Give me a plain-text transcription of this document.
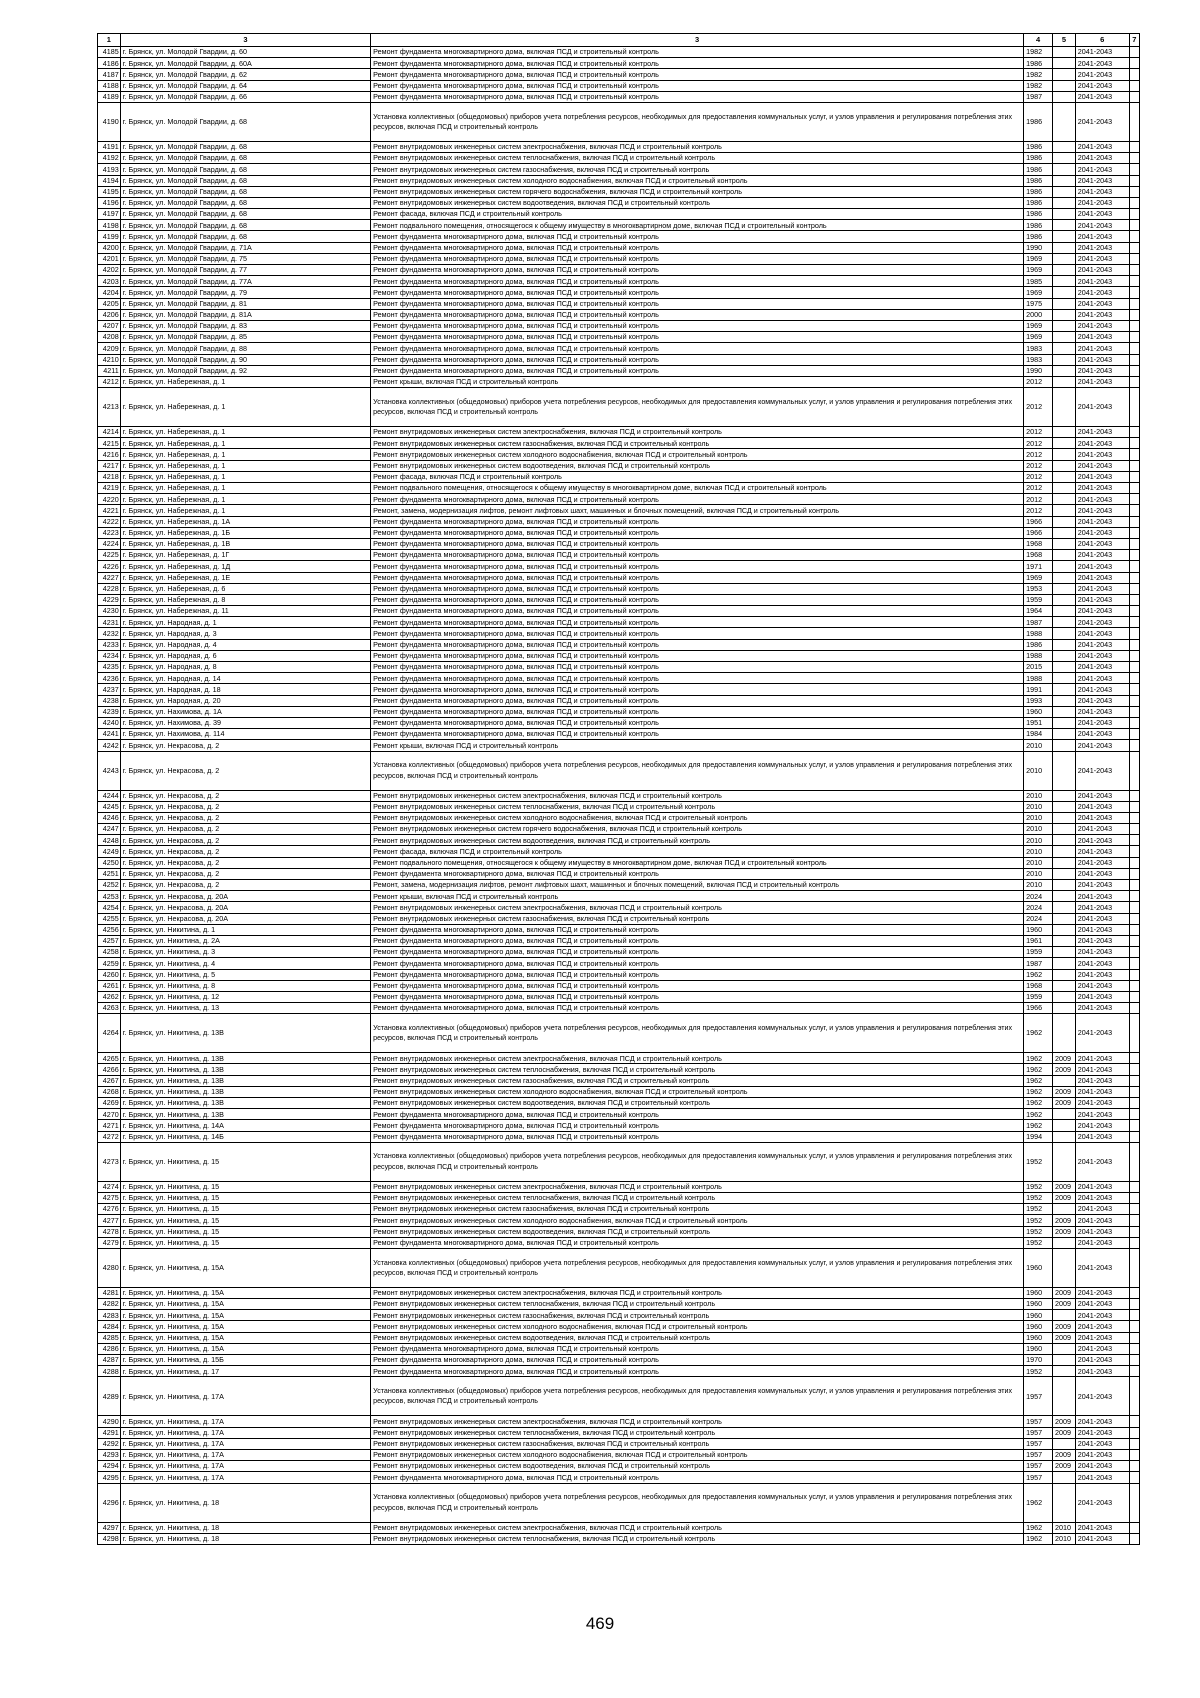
1	3	3	4	5	6	7
4185	г. Брянск, ул. Молодой Гвардии, д. 60	Ремонт фундамента многоквартирного дома, включая ПСД и строительный контроль	1982		2041-2043	
4186	г. Брянск, ул. Молодой Гвардии, д. 60А	Ремонт фундамента многоквартирного дома, включая ПСД и строительный контроль	1986		2041-2043	
4187	г. Брянск, ул. Молодой Гвардии, д. 62	Ремонт фундамента многоквартирного дома, включая ПСД и строительный контроль	1982		2041-2043	
4188	г. Брянск, ул. Молодой Гвардии, д. 64	Ремонт фундамента многоквартирного дома, включая ПСД и строительный контроль	1982		2041-2043	
4189	г. Брянск, ул. Молодой Гвардии, д. 66	Ремонт фундамента многоквартирного дома, включая ПСД и строительный контроль	1987		2041-2043	
4190	г. Брянск, ул. Молодой Гвардии, д. 68	Установка коллективных (общедомовых) приборов учета потребления ресурсов, необходимых для предоставления коммунальных услуг, и узлов управления и регулирования потребления этих ресурсов, включая ПСД и строительный контроль	1986		2041-2043	
4191	г. Брянск, ул. Молодой Гвардии, д. 68	Ремонт внутридомовых инженерных систем электроснабжения, включая ПСД и строительный контроль	1986		2041-2043	
4192	г. Брянск, ул. Молодой Гвардии, д. 68	Ремонт внутридомовых инженерных систем теплоснабжения, включая ПСД и строительный контроль	1986		2041-2043	
4193	г. Брянск, ул. Молодой Гвардии, д. 68	Ремонт внутридомовых инженерных систем газоснабжения, включая ПСД и строительный контроль	1986		2041-2043	
4194	г. Брянск, ул. Молодой Гвардии, д. 68	Ремонт внутридомовых инженерных систем холодного водоснабжения, включая ПСД и строительный контроль	1986		2041-2043	
4195	г. Брянск, ул. Молодой Гвардии, д. 68	Ремонт внутридомовых инженерных систем горячего водоснабжения, включая ПСД и строительный контроль	1986		2041-2043	
4196	г. Брянск, ул. Молодой Гвардии, д. 68	Ремонт внутридомовых инженерных систем водоотведения, включая ПСД и строительный контроль	1986		2041-2043	
4197	г. Брянск, ул. Молодой Гвардии, д. 68	Ремонт фасада, включая ПСД и строительный контроль	1986		2041-2043	
4198	г. Брянск, ул. Молодой Гвардии, д. 68	Ремонт подвального помещения, относящегося к общему имуществу в многоквартирном доме, включая ПСД и строительный контроль	1986		2041-2043	
4199	г. Брянск, ул. Молодой Гвардии, д. 68	Ремонт фундамента многоквартирного дома, включая ПСД и строительный контроль	1986		2041-2043	
4200	г. Брянск, ул. Молодой Гвардии, д. 71А	Ремонт фундамента многоквартирного дома, включая ПСД и строительный контроль	1990		2041-2043	
4201	г. Брянск, ул. Молодой Гвардии, д. 75	Ремонт фундамента многоквартирного дома, включая ПСД и строительный контроль	1969		2041-2043	
4202	г. Брянск, ул. Молодой Гвардии, д. 77	Ремонт фундамента многоквартирного дома, включая ПСД и строительный контроль	1969		2041-2043	
4203	г. Брянск, ул. Молодой Гвардии, д. 77А	Ремонт фундамента многоквартирного дома, включая ПСД и строительный контроль	1985		2041-2043	
4204	г. Брянск, ул. Молодой Гвардии, д. 79	Ремонт фундамента многоквартирного дома, включая ПСД и строительный контроль	1969		2041-2043	
4205	г. Брянск, ул. Молодой Гвардии, д. 81	Ремонт фундамента многоквартирного дома, включая ПСД и строительный контроль	1975		2041-2043	
4206	г. Брянск, ул. Молодой Гвардии, д. 81А	Ремонт фундамента многоквартирного дома, включая ПСД и строительный контроль	2000		2041-2043	
4207	г. Брянск, ул. Молодой Гвардии, д. 83	Ремонт фундамента многоквартирного дома, включая ПСД и строительный контроль	1969		2041-2043	
4208	г. Брянск, ул. Молодой Гвардии, д. 85	Ремонт фундамента многоквартирного дома, включая ПСД и строительный контроль	1969		2041-2043	
4209	г. Брянск, ул. Молодой Гвардии, д. 88	Ремонт фундамента многоквартирного дома, включая ПСД и строительный контроль	1983		2041-2043	
4210	г. Брянск, ул. Молодой Гвардии, д. 90	Ремонт фундамента многоквартирного дома, включая ПСД и строительный контроль	1983		2041-2043	
4211	г. Брянск, ул. Молодой Гвардии, д. 92	Ремонт фундамента многоквартирного дома, включая ПСД и строительный контроль	1990		2041-2043	
4212	г. Брянск, ул. Набережная, д. 1	Ремонт крыши, включая ПСД и строительный контроль	2012		2041-2043	
4213	г. Брянск, ул. Набережная, д. 1	Установка коллективных (общедомовых) приборов учета потребления ресурсов, необходимых для предоставления коммунальных услуг, и узлов управления и регулирования потребления этих ресурсов, включая ПСД и строительный контроль	2012		2041-2043	
4214	г. Брянск, ул. Набережная, д. 1	Ремонт внутридомовых инженерных систем электроснабжения, включая ПСД и строительный контроль	2012		2041-2043	
4215	г. Брянск, ул. Набережная, д. 1	Ремонт внутридомовых инженерных систем газоснабжения, включая ПСД и строительный контроль	2012		2041-2043	
4216	г. Брянск, ул. Набережная, д. 1	Ремонт внутридомовых инженерных систем холодного водоснабжения, включая ПСД и строительный контроль	2012		2041-2043	
4217	г. Брянск, ул. Набережная, д. 1	Ремонт внутридомовых инженерных систем водоотведения, включая ПСД и строительный контроль	2012		2041-2043	
4218	г. Брянск, ул. Набережная, д. 1	Ремонт фасада, включая ПСД и строительный контроль	2012		2041-2043	
4219	г. Брянск, ул. Набережная, д. 1	Ремонт подвального помещения, относящегося к общему имуществу в многоквартирном доме, включая ПСД и строительный контроль	2012		2041-2043	
4220	г. Брянск, ул. Набережная, д. 1	Ремонт фундамента многоквартирного дома, включая ПСД и строительный контроль	2012		2041-2043	
4221	г. Брянск, ул. Набережная, д. 1	Ремонт, замена, модернизация лифтов, ремонт лифтовых шахт, машинных и блочных помещений, включая ПСД и строительный контроль	2012		2041-2043	
4222	г. Брянск, ул. Набережная, д. 1А	Ремонт фундамента многоквартирного дома, включая ПСД и строительный контроль	1966		2041-2043	
4223	г. Брянск, ул. Набережная, д. 1Б	Ремонт фундамента многоквартирного дома, включая ПСД и строительный контроль	1966		2041-2043	
4224	г. Брянск, ул. Набережная, д. 1В	Ремонт фундамента многоквартирного дома, включая ПСД и строительный контроль	1968		2041-2043	
4225	г. Брянск, ул. Набережная, д. 1Г	Ремонт фундамента многоквартирного дома, включая ПСД и строительный контроль	1968		2041-2043	
4226	г. Брянск, ул. Набережная, д. 1Д	Ремонт фундамента многоквартирного дома, включая ПСД и строительный контроль	1971		2041-2043	
4227	г. Брянск, ул. Набережная, д. 1Е	Ремонт фундамента многоквартирного дома, включая ПСД и строительный контроль	1969		2041-2043	
4228	г. Брянск, ул. Набережная, д. 6	Ремонт фундамента многоквартирного дома, включая ПСД и строительный контроль	1953		2041-2043	
4229	г. Брянск, ул. Набережная, д. 8	Ремонт фундамента многоквартирного дома, включая ПСД и строительный контроль	1959		2041-2043	
4230	г. Брянск, ул. Набережная, д. 11	Ремонт фундамента многоквартирного дома, включая ПСД и строительный контроль	1964		2041-2043	
4231	г. Брянск, ул. Народная, д. 1	Ремонт фундамента многоквартирного дома, включая ПСД и строительный контроль	1987		2041-2043	
4232	г. Брянск, ул. Народная, д. 3	Ремонт фундамента многоквартирного дома, включая ПСД и строительный контроль	1988		2041-2043	
4233	г. Брянск, ул. Народная, д. 4	Ремонт фундамента многоквартирного дома, включая ПСД и строительный контроль	1986		2041-2043	
4234	г. Брянск, ул. Народная, д. 6	Ремонт фундамента многоквартирного дома, включая ПСД и строительный контроль	1988		2041-2043	
4235	г. Брянск, ул. Народная, д. 8	Ремонт фундамента многоквартирного дома, включая ПСД и строительный контроль	2015		2041-2043	
4236	г. Брянск, ул. Народная, д. 14	Ремонт фундамента многоквартирного дома, включая ПСД и строительный контроль	1988		2041-2043	
4237	г. Брянск, ул. Народная, д. 18	Ремонт фундамента многоквартирного дома, включая ПСД и строительный контроль	1991		2041-2043	
4238	г. Брянск, ул. Народная, д. 20	Ремонт фундамента многоквартирного дома, включая ПСД и строительный контроль	1993		2041-2043	
4239	г. Брянск, ул. Нахимова, д. 1А	Ремонт фундамента многоквартирного дома, включая ПСД и строительный контроль	1960		2041-2043	
4240	г. Брянск, ул. Нахимова, д. 39	Ремонт фундамента многоквартирного дома, включая ПСД и строительный контроль	1951		2041-2043	
4241	г. Брянск, ул. Нахимова, д. 114	Ремонт фундамента многоквартирного дома, включая ПСД и строительный контроль	1984		2041-2043	
4242	г. Брянск, ул. Некрасова, д. 2	Ремонт крыши, включая ПСД и строительный контроль	2010		2041-2043	
4243	г. Брянск, ул. Некрасова, д. 2	Установка коллективных (общедомовых) приборов учета потребления ресурсов, необходимых для предоставления коммунальных услуг, и узлов управления и регулирования потребления этих ресурсов, включая ПСД и строительный контроль	2010		2041-2043	
4244	г. Брянск, ул. Некрасова, д. 2	Ремонт внутридомовых инженерных систем электроснабжения, включая ПСД и строительный контроль	2010		2041-2043	
4245	г. Брянск, ул. Некрасова, д. 2	Ремонт внутридомовых инженерных систем теплоснабжения, включая ПСД и строительный контроль	2010		2041-2043	
4246	г. Брянск, ул. Некрасова, д. 2	Ремонт внутридомовых инженерных систем холодного водоснабжения, включая ПСД и строительный контроль	2010		2041-2043	
4247	г. Брянск, ул. Некрасова, д. 2	Ремонт внутридомовых инженерных систем горячего водоснабжения, включая ПСД и строительный контроль	2010		2041-2043	
4248	г. Брянск, ул. Некрасова, д. 2	Ремонт внутридомовых инженерных систем водоотведения, включая ПСД и строительный контроль	2010		2041-2043	
4249	г. Брянск, ул. Некрасова, д. 2	Ремонт фасада, включая ПСД и строительный контроль	2010		2041-2043	
4250	г. Брянск, ул. Некрасова, д. 2	Ремонт подвального помещения, относящегося к общему имуществу в многоквартирном доме, включая ПСД и строительный контроль	2010		2041-2043	
4251	г. Брянск, ул. Некрасова, д. 2	Ремонт фундамента многоквартирного дома, включая ПСД и строительный контроль	2010		2041-2043	
4252	г. Брянск, ул. Некрасова, д. 2	Ремонт, замена, модернизация лифтов, ремонт лифтовых шахт, машинных и блочных помещений, включая ПСД и строительный контроль	2010		2041-2043	
4253	г. Брянск, ул. Некрасова, д. 20А	Ремонт крыши, включая ПСД и строительный контроль	2024		2041-2043	
4254	г. Брянск, ул. Некрасова, д. 20А	Ремонт внутридомовых инженерных систем электроснабжения, включая ПСД и строительный контроль	2024		2041-2043	
4255	г. Брянск, ул. Некрасова, д. 20А	Ремонт внутридомовых инженерных систем газоснабжения, включая ПСД и строительный контроль	2024		2041-2043	
4256	г. Брянск, ул. Никитина, д. 1	Ремонт фундамента многоквартирного дома, включая ПСД и строительный контроль	1960		2041-2043	
4257	г. Брянск, ул. Никитина, д. 2А	Ремонт фундамента многоквартирного дома, включая ПСД и строительный контроль	1961		2041-2043	
4258	г. Брянск, ул. Никитина, д. 3	Ремонт фундамента многоквартирного дома, включая ПСД и строительный контроль	1959		2041-2043	
4259	г. Брянск, ул. Никитина, д. 4	Ремонт фундамента многоквартирного дома, включая ПСД и строительный контроль	1987		2041-2043	
4260	г. Брянск, ул. Никитина, д. 5	Ремонт фундамента многоквартирного дома, включая ПСД и строительный контроль	1962		2041-2043	
4261	г. Брянск, ул. Никитина, д. 8	Ремонт фундамента многоквартирного дома, включая ПСД и строительный контроль	1968		2041-2043	
4262	г. Брянск, ул. Никитина, д. 12	Ремонт фундамента многоквартирного дома, включая ПСД и строительный контроль	1959		2041-2043	
4263	г. Брянск, ул. Никитина, д. 13	Ремонт фундамента многоквартирного дома, включая ПСД и строительный контроль	1966		2041-2043	
4264	г. Брянск, ул. Никитина, д. 13В	Установка коллективных (общедомовых) приборов учета потребления ресурсов, необходимых для предоставления коммунальных услуг, и узлов управления и регулирования потребления этих ресурсов, включая ПСД и строительный контроль	1962		2041-2043	
4265	г. Брянск, ул. Никитина, д. 13В	Ремонт внутридомовых инженерных систем электроснабжения, включая ПСД и строительный контроль	1962	2009	2041-2043	
4266	г. Брянск, ул. Никитина, д. 13В	Ремонт внутридомовых инженерных систем теплоснабжения, включая ПСД и строительный контроль	1962	2009	2041-2043	
4267	г. Брянск, ул. Никитина, д. 13В	Ремонт внутридомовых инженерных систем газоснабжения, включая ПСД и строительный контроль	1962		2041-2043	
4268	г. Брянск, ул. Никитина, д. 13В	Ремонт внутридомовых инженерных систем холодного водоснабжения, включая ПСД и строительный контроль	1962	2009	2041-2043	
4269	г. Брянск, ул. Никитина, д. 13В	Ремонт внутридомовых инженерных систем водоотведения, включая ПСД и строительный контроль	1962	2009	2041-2043	
4270	г. Брянск, ул. Никитина, д. 13В	Ремонт фундамента многоквартирного дома, включая ПСД и строительный контроль	1962		2041-2043	
4271	г. Брянск, ул. Никитина, д. 14А	Ремонт фундамента многоквартирного дома, включая ПСД и строительный контроль	1962		2041-2043	
4272	г. Брянск, ул. Никитина, д. 14Б	Ремонт фундамента многоквартирного дома, включая ПСД и строительный контроль	1994		2041-2043	
4273	г. Брянск, ул. Никитина, д. 15	Установка коллективных (общедомовых) приборов учета потребления ресурсов, необходимых для предоставления коммунальных услуг, и узлов управления и регулирования потребления этих ресурсов, включая ПСД и строительный контроль	1952		2041-2043	
4274	г. Брянск, ул. Никитина, д. 15	Ремонт внутридомовых инженерных систем электроснабжения, включая ПСД и строительный контроль	1952	2009	2041-2043	
4275	г. Брянск, ул. Никитина, д. 15	Ремонт внутридомовых инженерных систем теплоснабжения, включая ПСД и строительный контроль	1952	2009	2041-2043	
4276	г. Брянск, ул. Никитина, д. 15	Ремонт внутридомовых инженерных систем газоснабжения, включая ПСД и строительный контроль	1952		2041-2043	
4277	г. Брянск, ул. Никитина, д. 15	Ремонт внутридомовых инженерных систем холодного водоснабжения, включая ПСД и строительный контроль	1952	2009	2041-2043	
4278	г. Брянск, ул. Никитина, д. 15	Ремонт внутридомовых инженерных систем водоотведения, включая ПСД и строительный контроль	1952	2009	2041-2043	
4279	г. Брянск, ул. Никитина, д. 15	Ремонт фундамента многоквартирного дома, включая ПСД и строительный контроль	1952		2041-2043	
4280	г. Брянск, ул. Никитина, д. 15А	Установка коллективных (общедомовых) приборов учета потребления ресурсов, необходимых для предоставления коммунальных услуг, и узлов управления и регулирования потребления этих ресурсов, включая ПСД и строительный контроль	1960		2041-2043	
4281	г. Брянск, ул. Никитина, д. 15А	Ремонт внутридомовых инженерных систем электроснабжения, включая ПСД и строительный контроль	1960	2009	2041-2043	
4282	г. Брянск, ул. Никитина, д. 15А	Ремонт внутридомовых инженерных систем теплоснабжения, включая ПСД и строительный контроль	1960	2009	2041-2043	
4283	г. Брянск, ул. Никитина, д. 15А	Ремонт внутридомовых инженерных систем газоснабжения, включая ПСД и строительный контроль	1960		2041-2043	
4284	г. Брянск, ул. Никитина, д. 15А	Ремонт внутридомовых инженерных систем холодного водоснабжения, включая ПСД и строительный контроль	1960	2009	2041-2043	
4285	г. Брянск, ул. Никитина, д. 15А	Ремонт внутридомовых инженерных систем водоотведения, включая ПСД и строительный контроль	1960	2009	2041-2043	
4286	г. Брянск, ул. Никитина, д. 15А	Ремонт фундамента многоквартирного дома, включая ПСД и строительный контроль	1960		2041-2043	
4287	г. Брянск, ул. Никитина, д. 15Б	Ремонт фундамента многоквартирного дома, включая ПСД и строительный контроль	1970		2041-2043	
4288	г. Брянск, ул. Никитина, д. 17	Ремонт фундамента многоквартирного дома, включая ПСД и строительный контроль	1952		2041-2043	
4289	г. Брянск, ул. Никитина, д. 17А	Установка коллективных (общедомовых) приборов учета потребления ресурсов, необходимых для предоставления коммунальных услуг, и узлов управления и регулирования потребления этих ресурсов, включая ПСД и строительный контроль	1957		2041-2043	
4290	г. Брянск, ул. Никитина, д. 17А	Ремонт внутридомовых инженерных систем электроснабжения, включая ПСД и строительный контроль	1957	2009	2041-2043	
4291	г. Брянск, ул. Никитина, д. 17А	Ремонт внутридомовых инженерных систем теплоснабжения, включая ПСД и строительный контроль	1957	2009	2041-2043	
4292	г. Брянск, ул. Никитина, д. 17А	Ремонт внутридомовых инженерных систем газоснабжения, включая ПСД и строительный контроль	1957		2041-2043	
4293	г. Брянск, ул. Никитина, д. 17А	Ремонт внутридомовых инженерных систем холодного водоснабжения, включая ПСД и строительный контроль	1957	2009	2041-2043	
4294	г. Брянск, ул. Никитина, д. 17А	Ремонт внутридомовых инженерных систем водоотведения, включая ПСД и строительный контроль	1957	2009	2041-2043	
4295	г. Брянск, ул. Никитина, д. 17А	Ремонт фундамента многоквартирного дома, включая ПСД и строительный контроль	1957		2041-2043	
4296	г. Брянск, ул. Никитина, д. 18	Установка коллективных (общедомовых) приборов учета потребления ресурсов, необходимых для предоставления коммунальных услуг, и узлов управления и регулирования потребления этих ресурсов, включая ПСД и строительный контроль	1962		2041-2043	
4297	г. Брянск, ул. Никитина, д. 18	Ремонт внутридомовых инженерных систем электроснабжения, включая ПСД и строительный контроль	1962	2010	2041-2043	
4298	г. Брянск, ул. Никитина, д. 18	Ремонт внутридомовых инженерных систем теплоснабжения, включая ПСД и строительный контроль	1962	2010	2041-2043	
469
